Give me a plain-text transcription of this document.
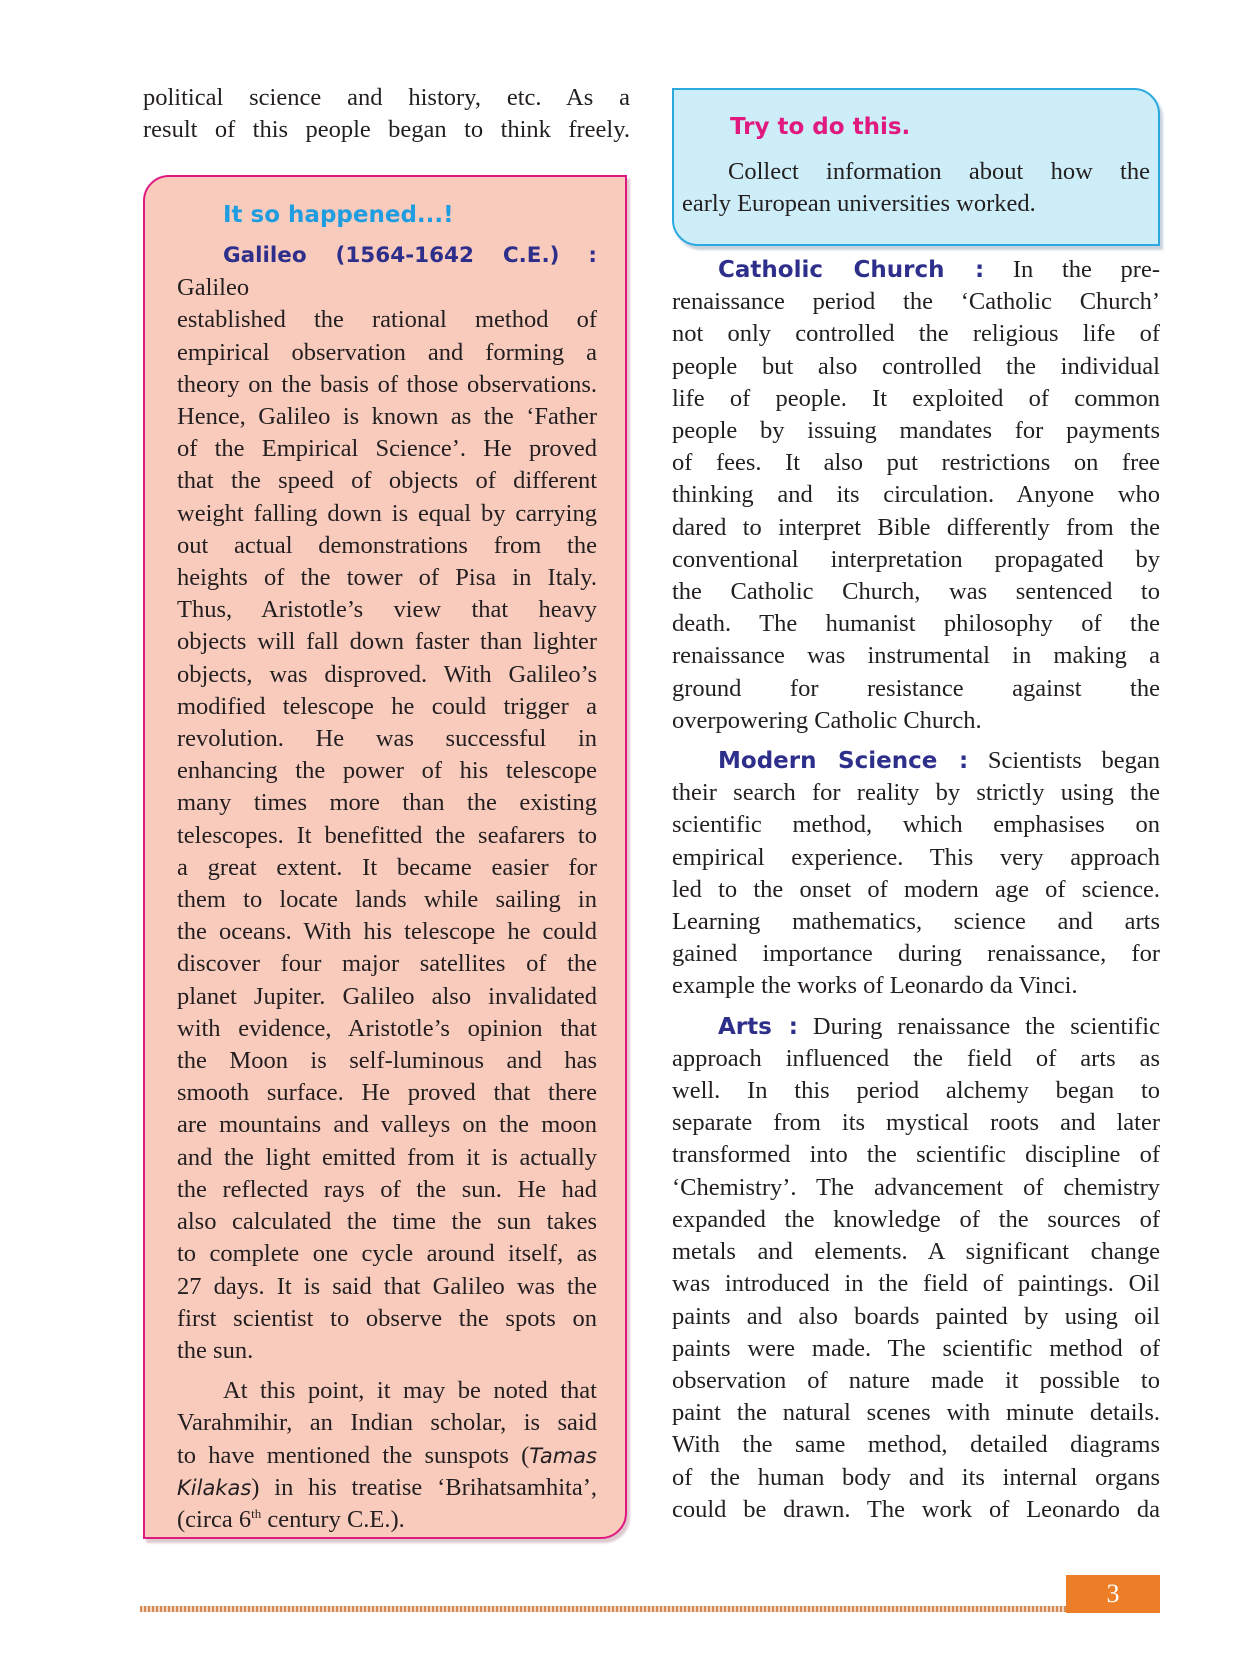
political science and history, etc. As a
result of this people began to think freely.
It so happened...!
Galileo (1564-1642 C.E.) : Galileo
established the rational method of
empirical observation and forming a
theory on the basis of those observations.
Hence, Galileo is known as the ‘Father
of the Empirical Science’. He proved
that the speed of objects of different
weight falling down is equal by carrying
out actual demonstrations from the
heights of the tower of Pisa in Italy.
Thus, Aristotle’s view that heavy
objects will fall down faster than lighter
objects, was disproved. With Galileo’s
modified telescope he could trigger a
revolution. He was successful in
enhancing the power of his telescope
many times more than the existing
telescopes. It benefitted the seafarers to
a great extent. It became easier for
them to locate lands while sailing in
the oceans. With his telescope he could
discover four major satellites of the
planet Jupiter. Galileo also invalidated
with evidence, Aristotle’s opinion that
the Moon is self-luminous and has
smooth surface. He proved that there
are mountains and valleys on the moon
and the light emitted from it is actually
the reflected rays of the sun. He had
also calculated the time the sun takes
to complete one cycle around itself, as
27 days. It is said that Galileo was the
first scientist to observe the spots on
the sun.
At this point, it may be noted that
Varahmihir, an Indian scholar, is said
to have mentioned the sunspots (Tamas
Kilakas) in his treatise ‘Brihatsamhita’,
(circa 6th century C.E.).
Try to do this.
Collect information about how the
early European universities worked.
Catholic Church : In the pre-
renaissance period the ‘Catholic Church’
not only controlled the religious life of
people but also controlled the individual
life of people. It exploited of common
people by issuing mandates for payments
of fees. It also put restrictions on free
thinking and its circulation. Anyone who
dared to interpret Bible differently from the
conventional interpretation propagated by
the Catholic Church, was sentenced to
death. The humanist philosophy of the
renaissance was instrumental in making a
ground for resistance against the
overpowering Catholic Church.
Modern Science : Scientists began
their search for reality by strictly using the
scientific method, which emphasises on
empirical experience. This very approach
led to the onset of modern age of science.
Learning mathematics, science and arts
gained importance during renaissance, for
example the works of Leonardo da Vinci.
Arts : During renaissance the scientific
approach influenced the field of arts as
well. In this period alchemy began to
separate from its mystical roots and later
transformed into the scientific discipline of
‘Chemistry’. The advancement of chemistry
expanded the knowledge of the sources of
metals and elements. A significant change
was introduced in the field of paintings. Oil
paints and also boards painted by using oil
paints were made. The scientific method of
observation of nature made it possible to
paint the natural scenes with minute details.
With the same method, detailed diagrams
of the human body and its internal organs
could be drawn. The work of Leonardo da
3
